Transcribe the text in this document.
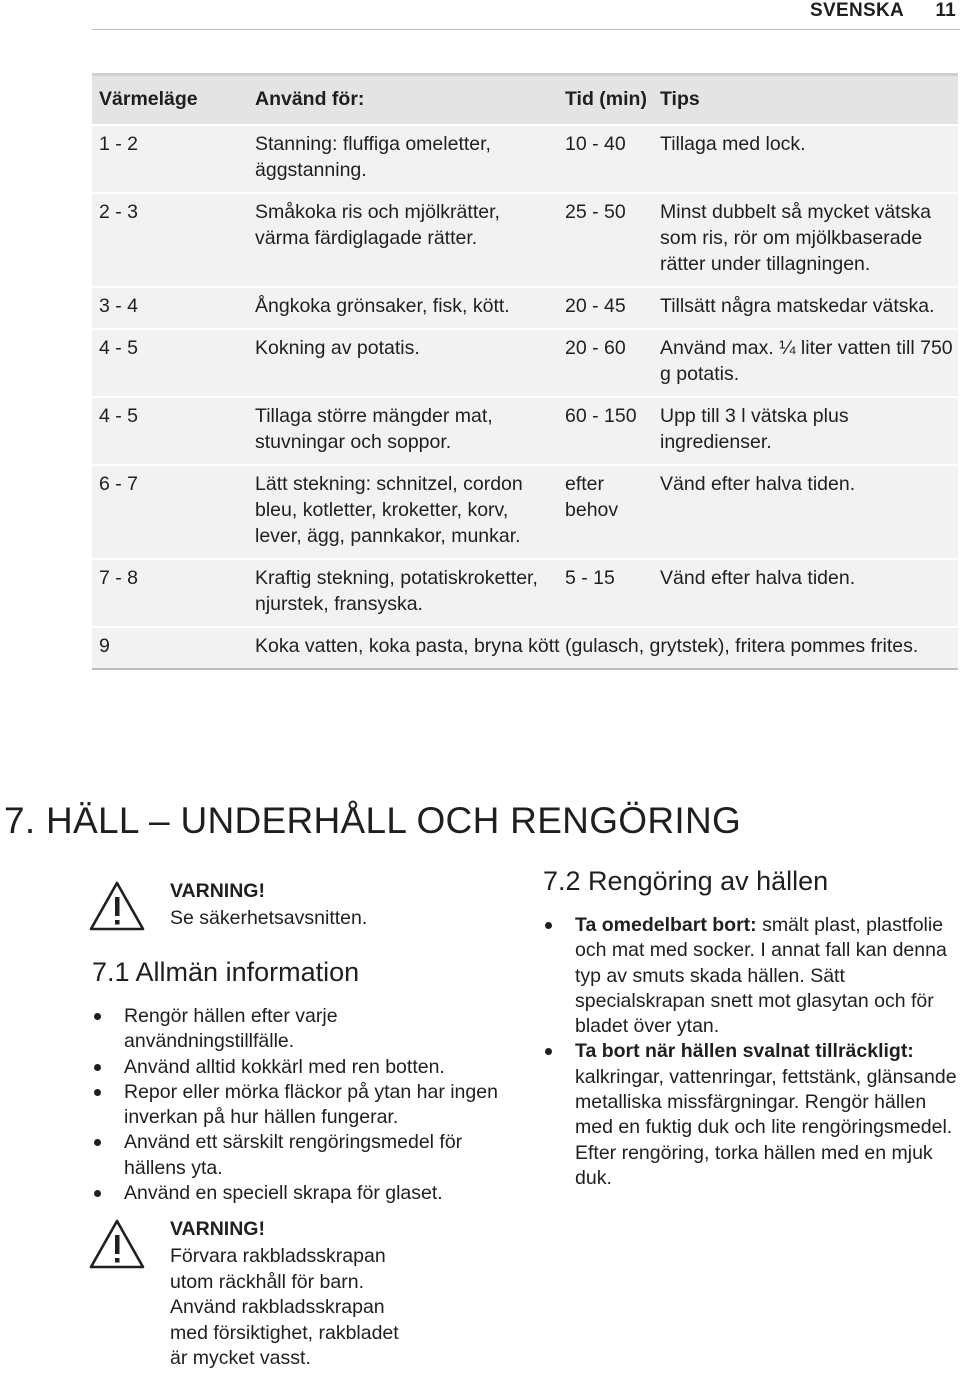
SVENSKA 11
Värmeläge	Använd för:	Tid (min)	Tips
1 - 2	Stanning: fluffiga omeletter, äggstanning.	10 - 40	Tillaga med lock.
2 - 3	Småkoka ris och mjölkrätter, värma färdiglagade rätter.	25 - 50	Minst dubbelt så mycket vätska som ris, rör om mjölkbaserade rätter under tillagningen.
3 - 4	Ångkoka grönsaker, fisk, kött.	20 - 45	Tillsätt några matskedar vätska.
4 - 5	Kokning av potatis.	20 - 60	Använd max. ¼ liter vatten till 750 g potatis.
4 - 5	Tillaga större mängder mat, stuvningar och soppor.	60 - 150	Upp till 3 l vätska plus ingredienser.
6 - 7	Lätt stekning: schnitzel, cordon bleu, kotletter, kroketter, korv, lever, ägg, pannkakor, munkar.	efter behov	Vänd efter halva tiden.
7 - 8	Kraftig stekning, potatiskroketter, njurstek, fransyska.	5 - 15	Vänd efter halva tiden.
9	Koka vatten, koka pasta, bryna kött (gulasch, grytstek), fritera pommes frites.		
7. HÄLL – UNDERHÅLL OCH RENGÖRING
VARNING!
Se säkerhetsavsnitten.
7.1 Allmän information
Rengör hällen efter varje användningstillfälle.
Använd alltid kokkärl med ren botten.
Repor eller mörka fläckor på ytan har ingen inverkan på hur hällen fungerar.
Använd ett särskilt rengöringsmedel för hällens yta.
Använd en speciell skrapa för glaset.
VARNING!
Förvara rakbladsskrapan
utom räckhåll för barn.
Använd rakbladsskrapan
med försiktighet, rakbladet
är mycket vasst.
7.2 Rengöring av hällen
Ta omedelbart bort: smält plast, plastfolie och mat med socker. I annat fall kan denna typ av smuts skada hällen. Sätt specialskrapan snett mot glasytan och för bladet över ytan.
Ta bort när hällen svalnat tillräckligt: kalkringar, vattenringar, fettstänk, glänsande metalliska missfärgningar. Rengör hällen med en fuktig duk och lite rengöringsmedel. Efter rengöring, torka hällen med en mjuk duk.
